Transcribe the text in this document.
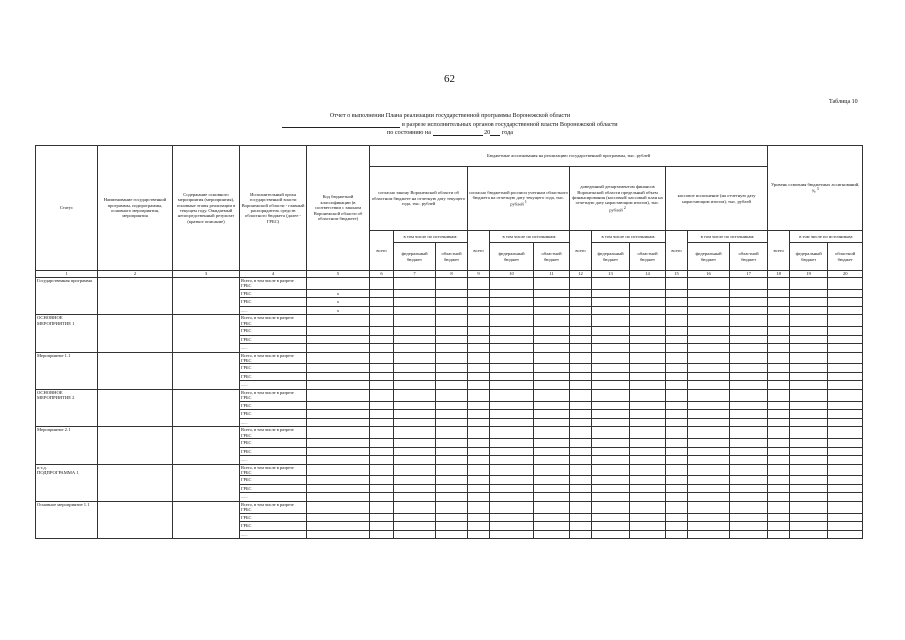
62
Таблица 10
Отчет о выполнении Плана реализации государственной программы Воронежской области
в разрезе исполнительных органов государственной власти Воронежской области
по состоянию на	20 года
Статус	Наименование государственной программы, подпрограммы, основного мероприятия, мероприятия	Содержание основного мероприятия (мероприятия), основные этапы реализации в текущем году. Ожидаемый непосредственный результат (краткое описание)	Исполнительный орган государственной власти Воронежской области - главный распорядитель средств областного бюджета (далее - ГРБС)	Код бюджетной классификации (в соответствии с законом Воронежской области об областном бюджете)	Бюджетные ассигнования на реализацию государственной программы, тыс. рублей												Уровень освоения бюджетных ассигнований, % $^3$
					согласно закону Воронежской области об областном бюджете на отчетную дату текущего года, тыс. рублей			согласно бюджетной росписи учетным областного бюджета на отчетную дату текущего года, тыс. рублей $^1$			доведенный департаментом финансов Воронежской области предельный объем финансирования (кассовый/ кассовый план на отчетную дату нарастающим итогом), тыс. рублей $^2$			кассовое исполнение (на отчетную дату нарастающим итогом), тыс. рублей					
					всего	в том числе по источникам:		всего	в том числе по источникам:		всего	в том числе по источникам:		всего	в том числе по источникам:		всего	в том числе по источникам:	
						федеральный бюджет	областной бюджет		федеральный бюджет	областной бюджет		федеральный бюджет	областной бюджет		федеральный бюджет	областной бюджет		федеральный бюджет	областной бюджет
1	2	3	4	5	6	7	8	9	10	11	12	13	14	15	16	17	18	19	20

Государственная программа			Всего, в том числе в разрезе ГРБС																
			ГРБС	х															
			ГРБС	х															
			......	х															

ОСНОВНОЕ МЕРОПРИЯТИЕ 1			Всего, в том числе в разрезе ГРБС																
			ГРБС																
			ГРБС																
			......																

Мероприятие 1.1			Всего, в том числе в разрезе ГРБС																
			ГРБС																
			ГРБС																
			......																

ОСНОВНОЕ МЕРОПРИЯТИЕ 2			Всего, в том числе в разрезе ГРБС																
			ГРБС																
			ГРБС																
			......																

Мероприятие 2.1			Всего, в том числе в разрезе ГРБС																
			ГРБС																
			ГРБС																
			......																

и т.д.
ПОДПРОГРАММА 1			Всего, в том числе в разрезе ГРБС																
			ГРБС																
			ГРБС																
			......																

Основное мероприятие 1.1			Всего, в том числе в разрезе ГРБС																
			ГРБС																
			ГРБС																
			......																
